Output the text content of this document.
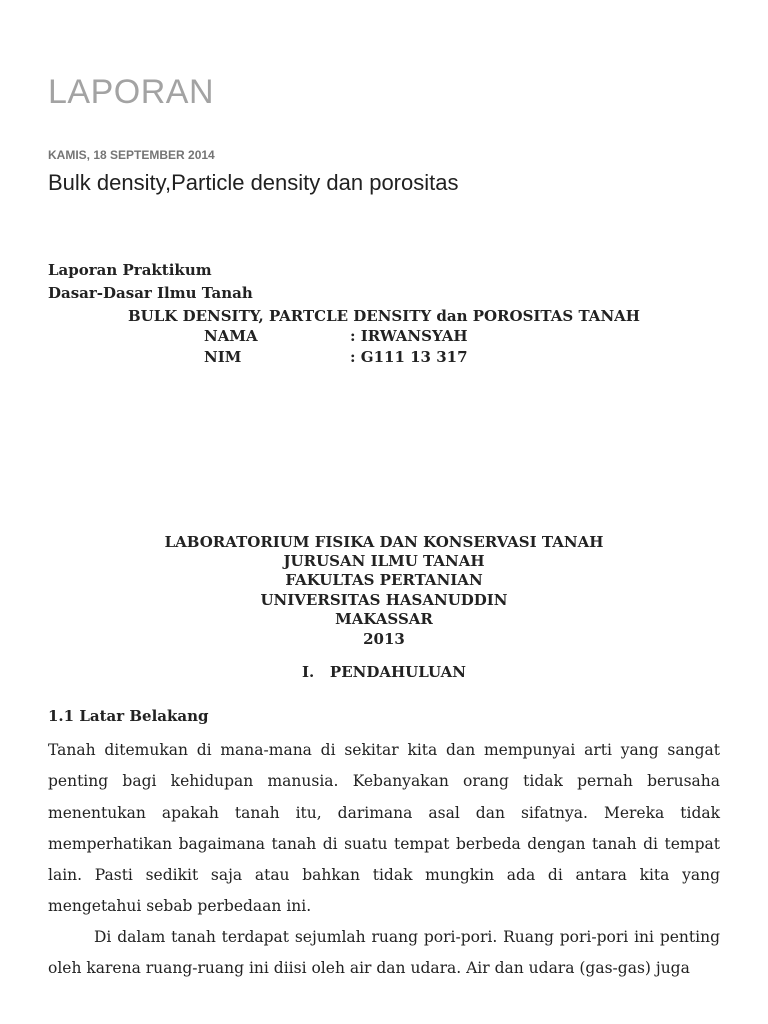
LAPORAN
KAMIS, 18 SEPTEMBER 2014
Bulk density,Particle density dan porositas
Laporan Praktikum
Dasar-Dasar Ilmu Tanah
BULK DENSITY, PARTCLE DENSITY dan POROSITAS TANAH
NAMA	: IRWANSYAH
NIM	: G111 13 317
LABORATORIUM FISIKA DAN KONSERVASI TANAH
JURUSAN ILMU TANAH
FAKULTAS PERTANIAN
UNIVERSITAS HASANUDDIN
MAKASSAR
2013
I.   PENDAHULUAN
1.1 Latar Belakang

Tanah ditemukan di mana-mana di sekitar kita dan mempunyai arti yang sangat penting bagi kehidupan manusia. Kebanyakan orang tidak pernah berusaha menentukan apakah tanah itu, darimana asal dan sifatnya. Mereka tidak memperhatikan bagaimana tanah di suatu tempat berbeda dengan tanah di tempat lain. Pasti sedikit saja atau bahkan tidak mungkin ada di antara kita yang mengetahui sebab perbedaan ini.

Di dalam tanah terdapat sejumlah ruang pori-pori. Ruang pori-pori ini penting oleh karena ruang-ruang ini diisi oleh air dan udara. Air dan udara (gas-gas) juga
